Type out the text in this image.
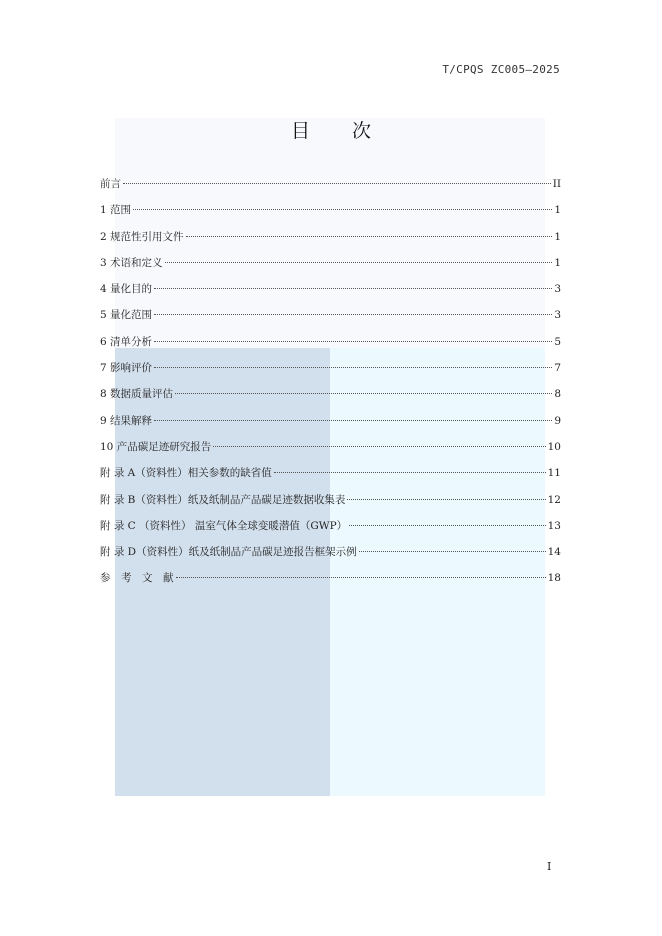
T/CPQS ZC005—2025
目 次
前言	II
1 范围	1
2 规范性引用文件	1
3 术语和定义	1
4 量化目的	3
5 量化范围	3
6 清单分析	5
7 影响评价	7
8 数据质量评估	8
9 结果解释	9
10 产品碳足迹研究报告	10
附 录 A（资料性）相关参数的缺省值	11
附 录 B（资料性）纸及纸制品产品碳足迹数据收集表	12
附 录 C （资料性） 温室气体全球变暖潜值（GWP）	13
附 录 D（资料性）纸及纸制品产品碳足迹报告框架示例	14
参　考　文　献	18
I
